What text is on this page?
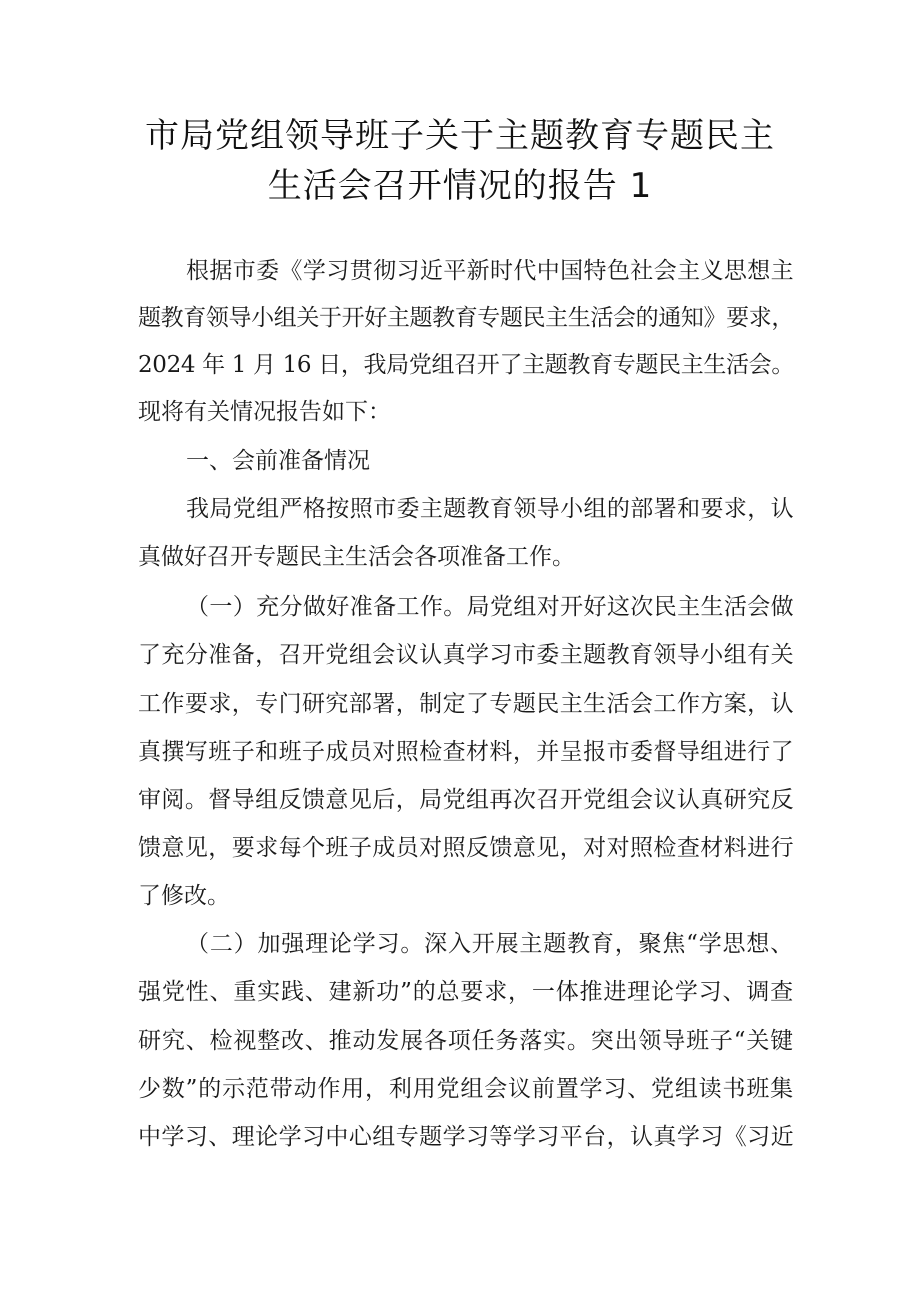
市局党组领导班子关于主题教育专题民主
生活会召开情况的报告 1
根据市委《学习贯彻习近平新时代中国特色社会主义思想主
题教育领导小组关于开好主题教育专题民主生活会的通知》要求，
2024 年 1 月 16 日，我局党组召开了主题教育专题民主生活会。
现将有关情况报告如下：
一、会前准备情况
我局党组严格按照市委主题教育领导小组的部署和要求，认
真做好召开专题民主生活会各项准备工作。
（一）充分做好准备工作。局党组对开好这次民主生活会做
了充分准备，召开党组会议认真学习市委主题教育领导小组有关
工作要求，专门研究部署，制定了专题民主生活会工作方案，认
真撰写班子和班子成员对照检查材料，并呈报市委督导组进行了
审阅。督导组反馈意见后，局党组再次召开党组会议认真研究反
馈意见，要求每个班子成员对照反馈意见，对对照检查材料进行
了修改。
（二）加强理论学习。深入开展主题教育，聚焦“学思想、
强党性、重实践、建新功”的总要求，一体推进理论学习、调查
研究、检视整改、推动发展各项任务落实。突出领导班子“关键
少数”的示范带动作用，利用党组会议前置学习、党组读书班集
中学习、理论学习中心组专题学习等学习平台，认真学习《习近
